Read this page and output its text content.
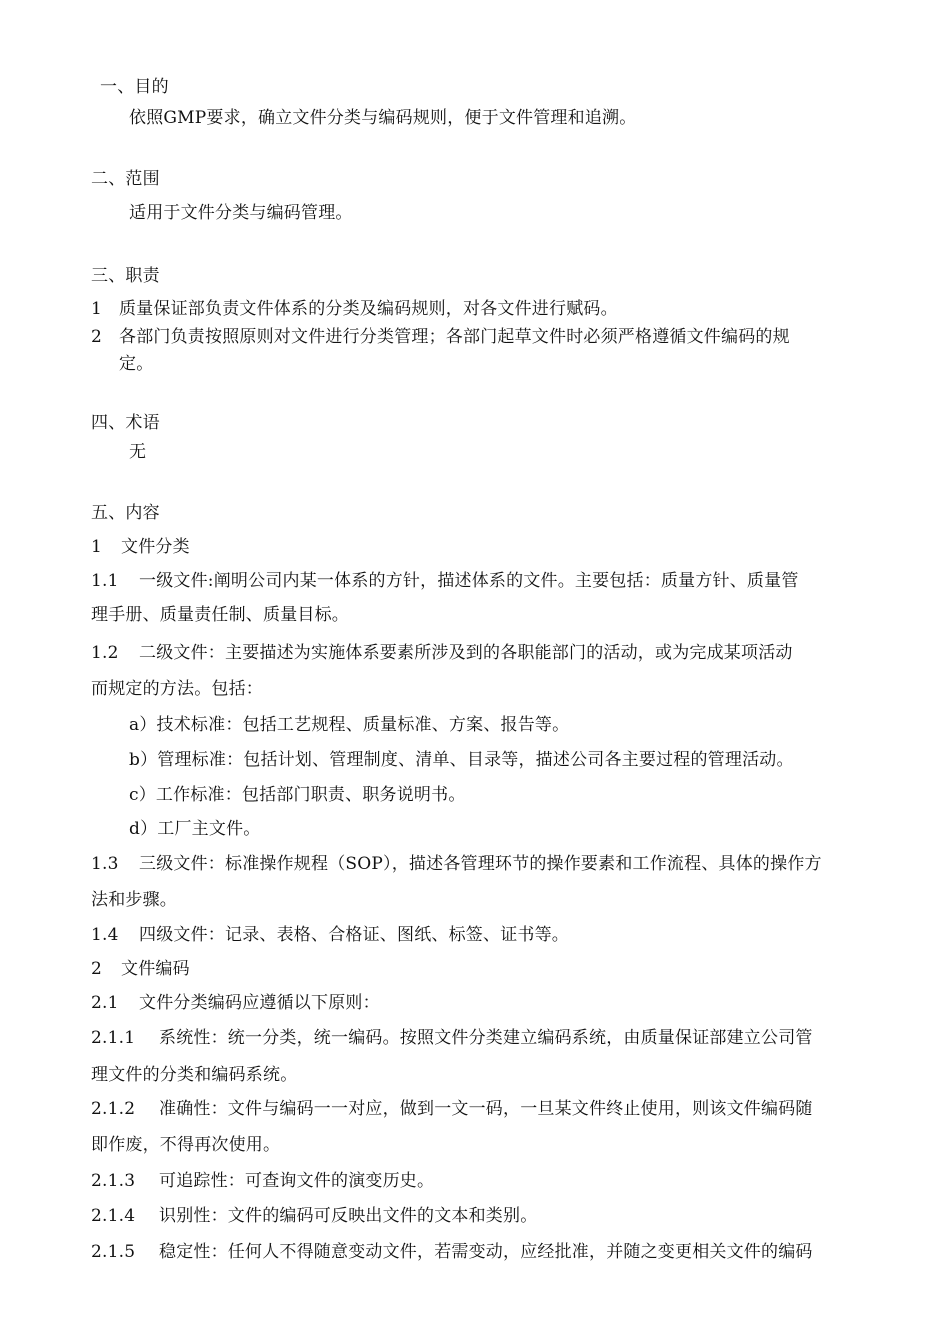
一、目的
依照GMP要求，确立文件分类与编码规则，便于文件管理和追溯。
二、范围
适用于文件分类与编码管理。
三、职责
1 质量保证部负责文件体系的分类及编码规则，对各文件进行赋码。
2 各部门负责按照原则对文件进行分类管理；各部门起草文件时必须严格遵循文件编码的规
定。
四、术语
无
五、内容
1 文件分类
1.1 一级文件:阐明公司内某一体系的方针，描述体系的文件。主要包括：质量方针、质量管
理手册、质量责任制、质量目标。
1.2 二级文件：主要描述为实施体系要素所涉及到的各职能部门的活动，或为完成某项活动
而规定的方法。包括：
a）技术标准：包括工艺规程、质量标准、方案、报告等。
b）管理标准：包括计划、管理制度、清单、目录等，描述公司各主要过程的管理活动。
c）工作标准：包括部门职责、职务说明书。
d）工厂主文件。
1.3 三级文件：标准操作规程（SOP），描述各管理环节的操作要素和工作流程、具体的操作方
法和步骤。
1.4 四级文件：记录、表格、合格证、图纸、标签、证书等。
2 文件编码
2.1 文件分类编码应遵循以下原则：
2.1.1 系统性：统一分类，统一编码。按照文件分类建立编码系统，由质量保证部建立公司管
理文件的分类和编码系统。
2.1.2 准确性：文件与编码一一对应，做到一文一码，一旦某文件终止使用，则该文件编码随
即作废，不得再次使用。
2.1.3 可追踪性：可查询文件的演变历史。
2.1.4 识别性：文件的编码可反映出文件的文本和类别。
2.1.5 稳定性：任何人不得随意变动文件，若需变动，应经批准，并随之变更相关文件的编码
